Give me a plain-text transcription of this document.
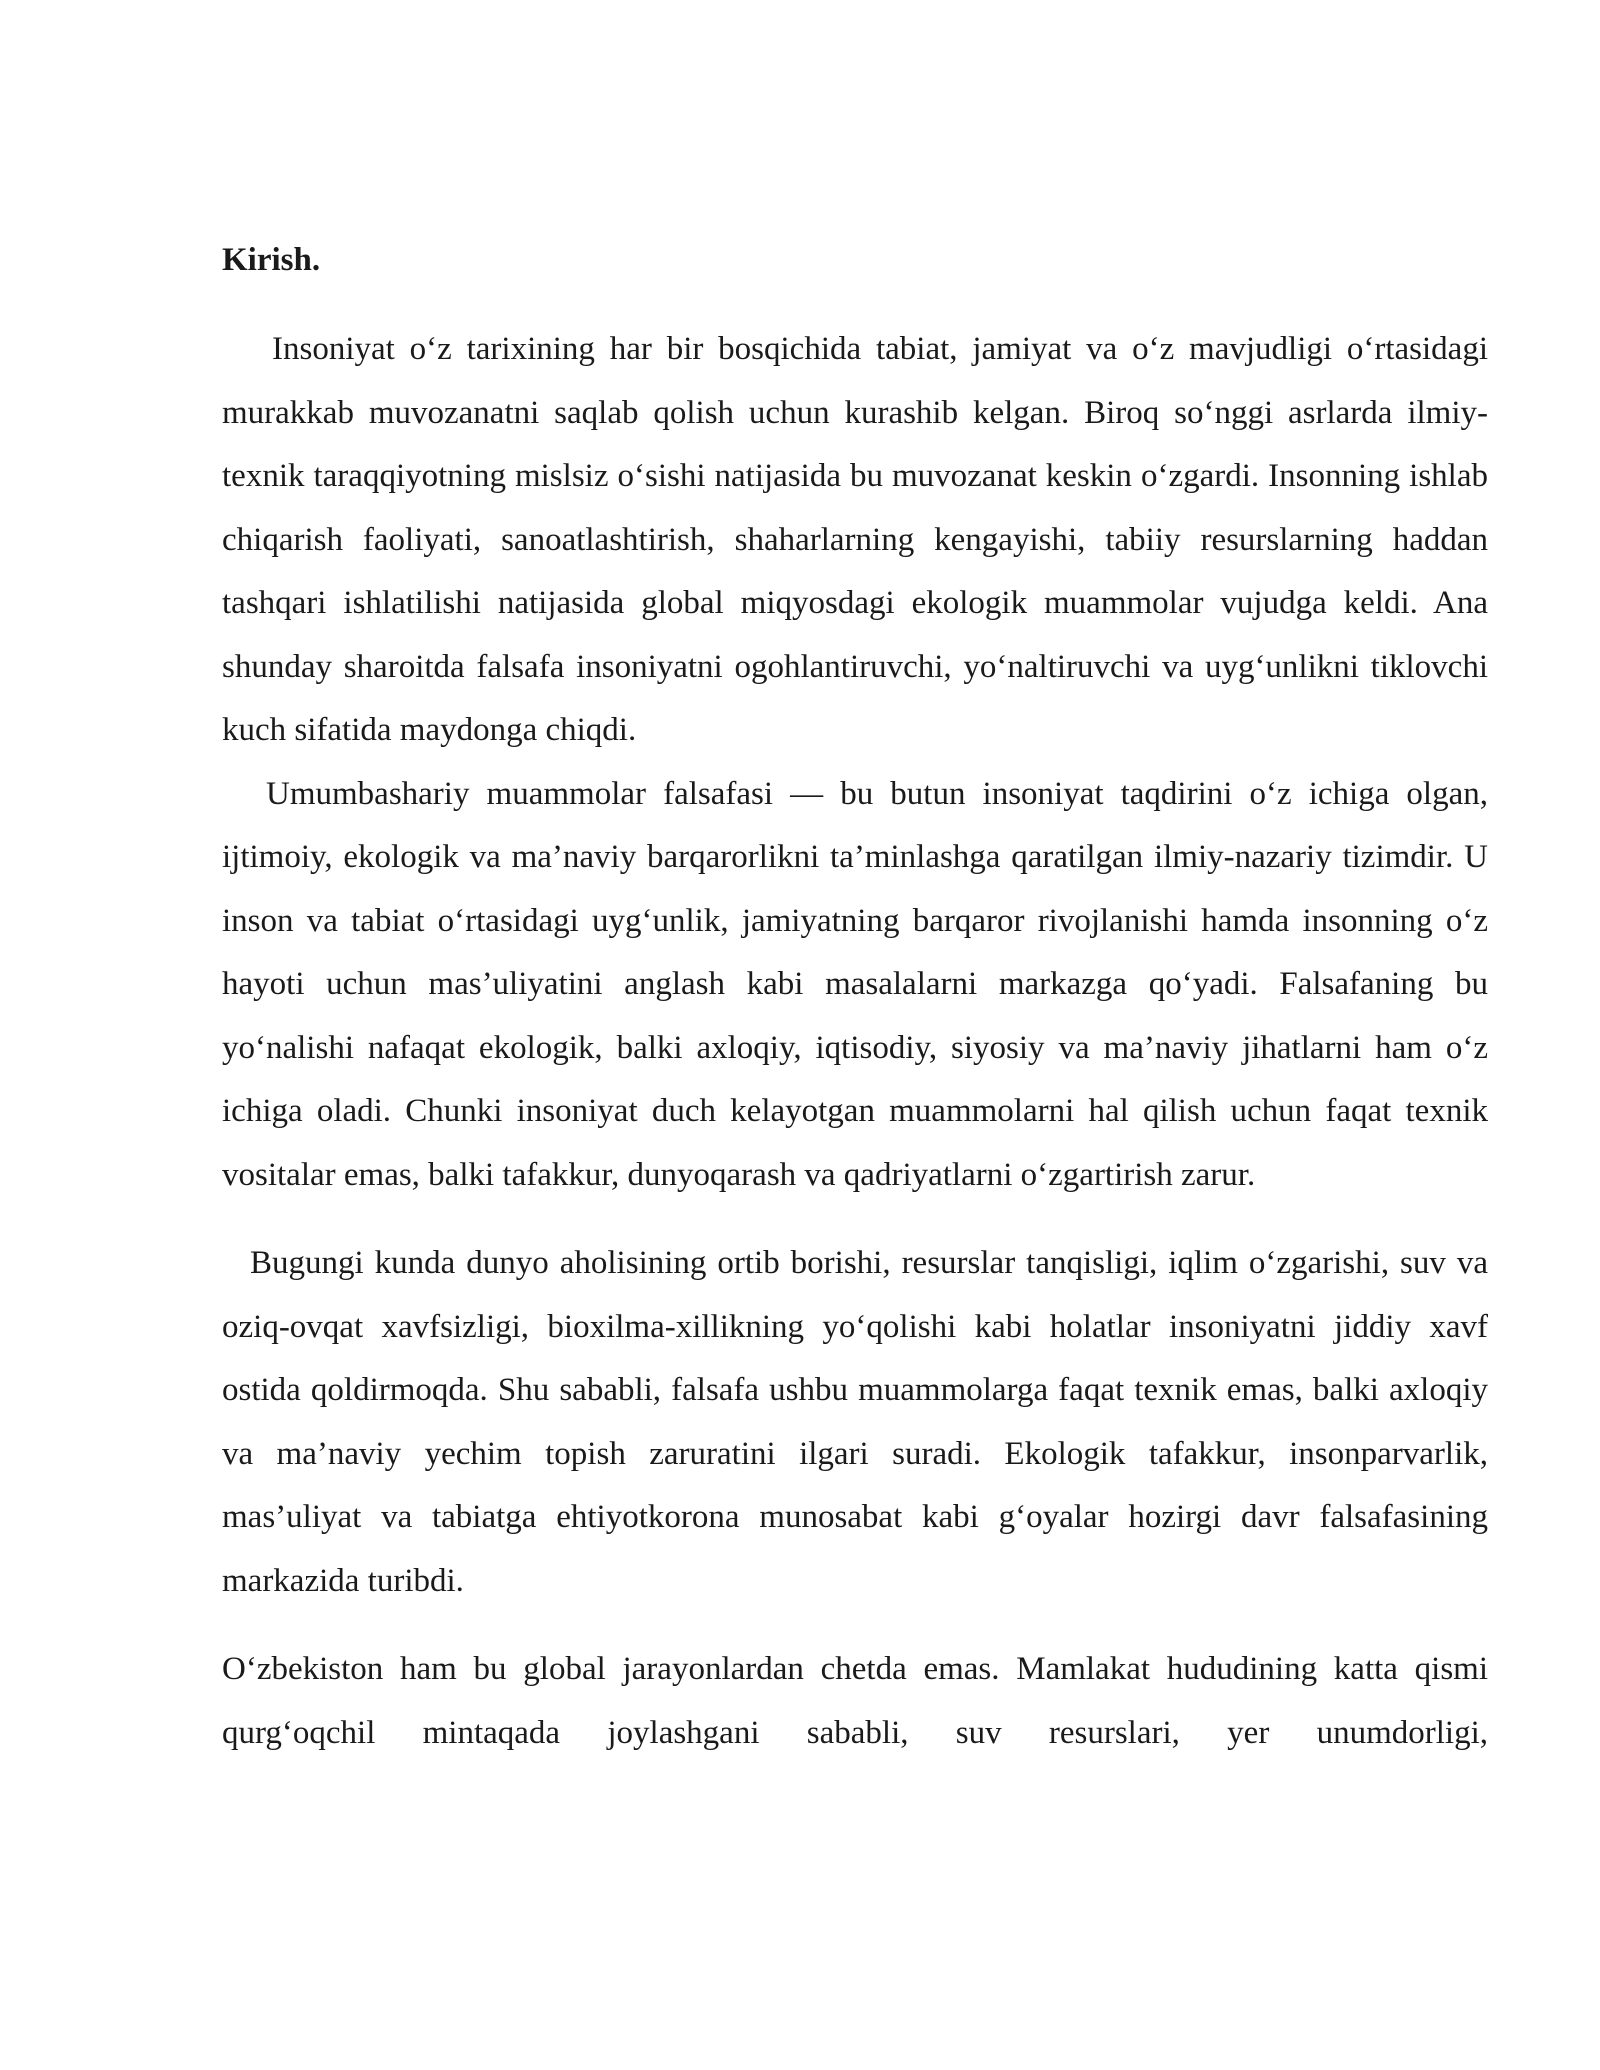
Kirish.

Insoniyat o‘z tarixining har bir bosqichida tabiat, jamiyat va o‘z mavjudligi o‘rtasidagi murakkab muvozanatni saqlab qolish uchun kurashib kelgan. Biroq so‘nggi asrlarda ilmiy-texnik taraqqiyotning mislsiz o‘sishi natijasida bu muvozanat keskin o‘zgardi. Insonning ishlab chiqarish faoliyati, sanoatlashtirish, shaharlarning kengayishi, tabiiy resurslarning haddan tashqari ishlatilishi natijasida global miqyosdagi ekologik muammolar vujudga keldi. Ana shunday sharoitda falsafa insoniyatni ogohlantiruvchi, yo‘naltiruvchi va uyg‘unlikni tiklovchi kuch sifatida maydonga chiqdi.

Umumbashariy muammolar falsafasi — bu butun insoniyat taqdirini o‘z ichiga olgan, ijtimoiy, ekologik va ma’naviy barqarorlikni ta’minlashga qaratilgan ilmiy-nazariy tizimdir. U inson va tabiat o‘rtasidagi uyg‘unlik, jamiyatning barqaror rivojlanishi hamda insonning o‘z hayoti uchun mas’uliyatini anglash kabi masalalarni markazga qo‘yadi. Falsafaning bu yo‘nalishi nafaqat ekologik, balki axloqiy, iqtisodiy, siyosiy va ma’naviy jihatlarni ham o‘z ichiga oladi. Chunki insoniyat duch kelayotgan muammolarni hal qilish uchun faqat texnik vositalar emas, balki tafakkur, dunyoqarash va qadriyatlarni o‘zgartirish zarur.

Bugungi kunda dunyo aholisining ortib borishi, resurslar tanqisligi, iqlim o‘zgarishi, suv va oziq-ovqat xavfsizligi, bioxilma-xillikning yo‘qolishi kabi holatlar insoniyatni jiddiy xavf ostida qoldirmoqda. Shu sababli, falsafa ushbu muammolarga faqat texnik emas, balki axloqiy va ma’naviy yechim topish zaruratini ilgari suradi. Ekologik tafakkur, insonparvarlik, mas’uliyat va tabiatga ehtiyotkorona munosabat kabi g‘oyalar hozirgi davr falsafasining markazida turibdi.

O‘zbekiston ham bu global jarayonlardan chetda emas. Mamlakat hududining katta qismi qurg‘oqchil mintaqada joylashgani sababli, suv resurslari, yer unumdorligi,
